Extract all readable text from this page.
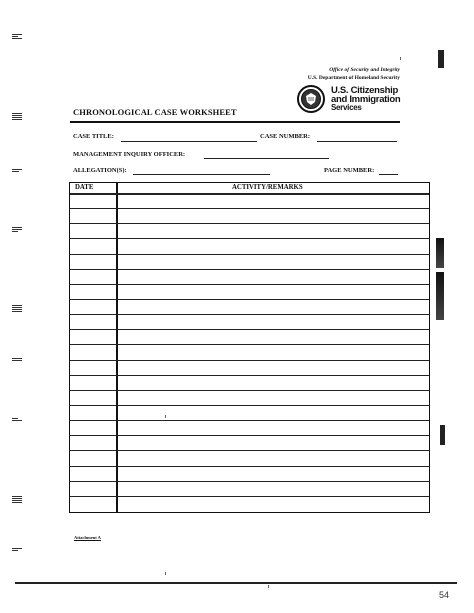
Office of Security and Integrity
U.S. Department of Homeland Security
U.S. Citizenship
and Immigration
Services
CHRONOLOGICAL CASE WORKSHEET
CASE TITLE:	CASE NUMBER:
MANAGEMENT INQUIRY OFFICER:
ALLEGATION(S):	PAGE NUMBER:
DATE	ACTIVITY/REMARKS
Attachment A
54
